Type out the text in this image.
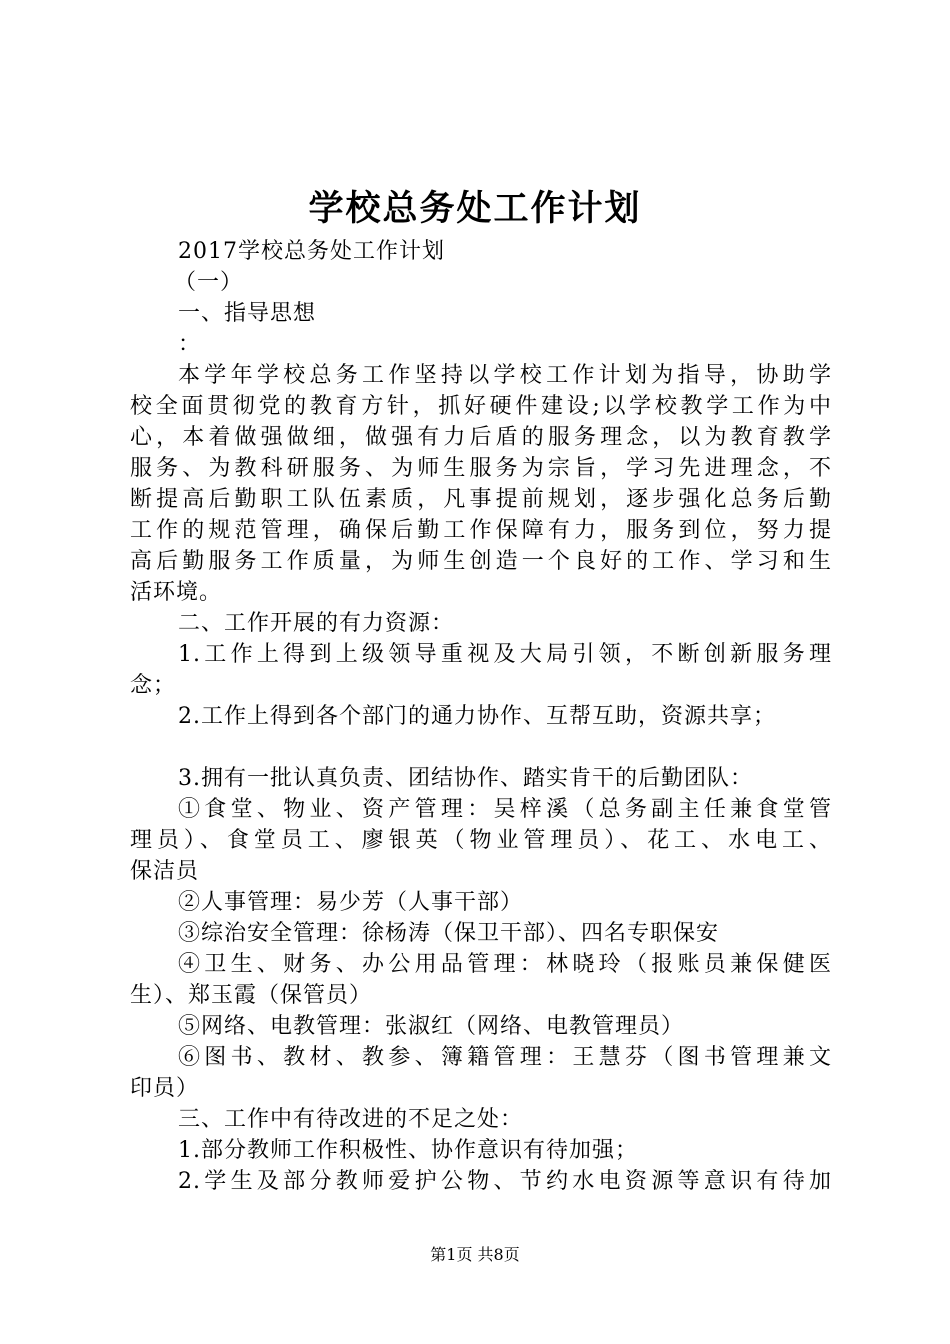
学校总务处工作计划
2017学校总务处工作计划
（一）
一、指导思想
：
本学年学校总务工作坚持以学校工作计划为指导，协助学
校全面贯彻党的教育方针，抓好硬件建设;以学校教学工作为中
心，本着做强做细，做强有力后盾的服务理念，以为教育教学
服务、为教科研服务、为师生服务为宗旨，学习先进理念，不
断提高后勤职工队伍素质，凡事提前规划，逐步强化总务后勤
工作的规范管理，确保后勤工作保障有力，服务到位，努力提
高后勤服务工作质量，为师生创造一个良好的工作、学习和生
活环境。
二、工作开展的有力资源：
1.工作上得到上级领导重视及大局引领，不断创新服务理
念；
2.工作上得到各个部门的通力协作、互帮互助，资源共享；
3.拥有一批认真负责、团结协作、踏实肯干的后勤团队：
①食堂、物业、资产管理：吴梓溪（总务副主任兼食堂管
理员）、食堂员工、廖银英（物业管理员）、花工、水电工、
保洁员
②人事管理：易少芳（人事干部）
③综治安全管理：徐杨涛（保卫干部）、四名专职保安
④卫生、财务、办公用品管理：林晓玲（报账员兼保健医
生）、郑玉霞（保管员）
⑤网络、电教管理：张淑红（网络、电教管理员）
⑥图书、教材、教参、簿籍管理：王慧芬（图书管理兼文
印员）
三、工作中有待改进的不足之处：
1.部分教师工作积极性、协作意识有待加强；
2.学生及部分教师爱护公物、节约水电资源等意识有待加
第1页 共8页
